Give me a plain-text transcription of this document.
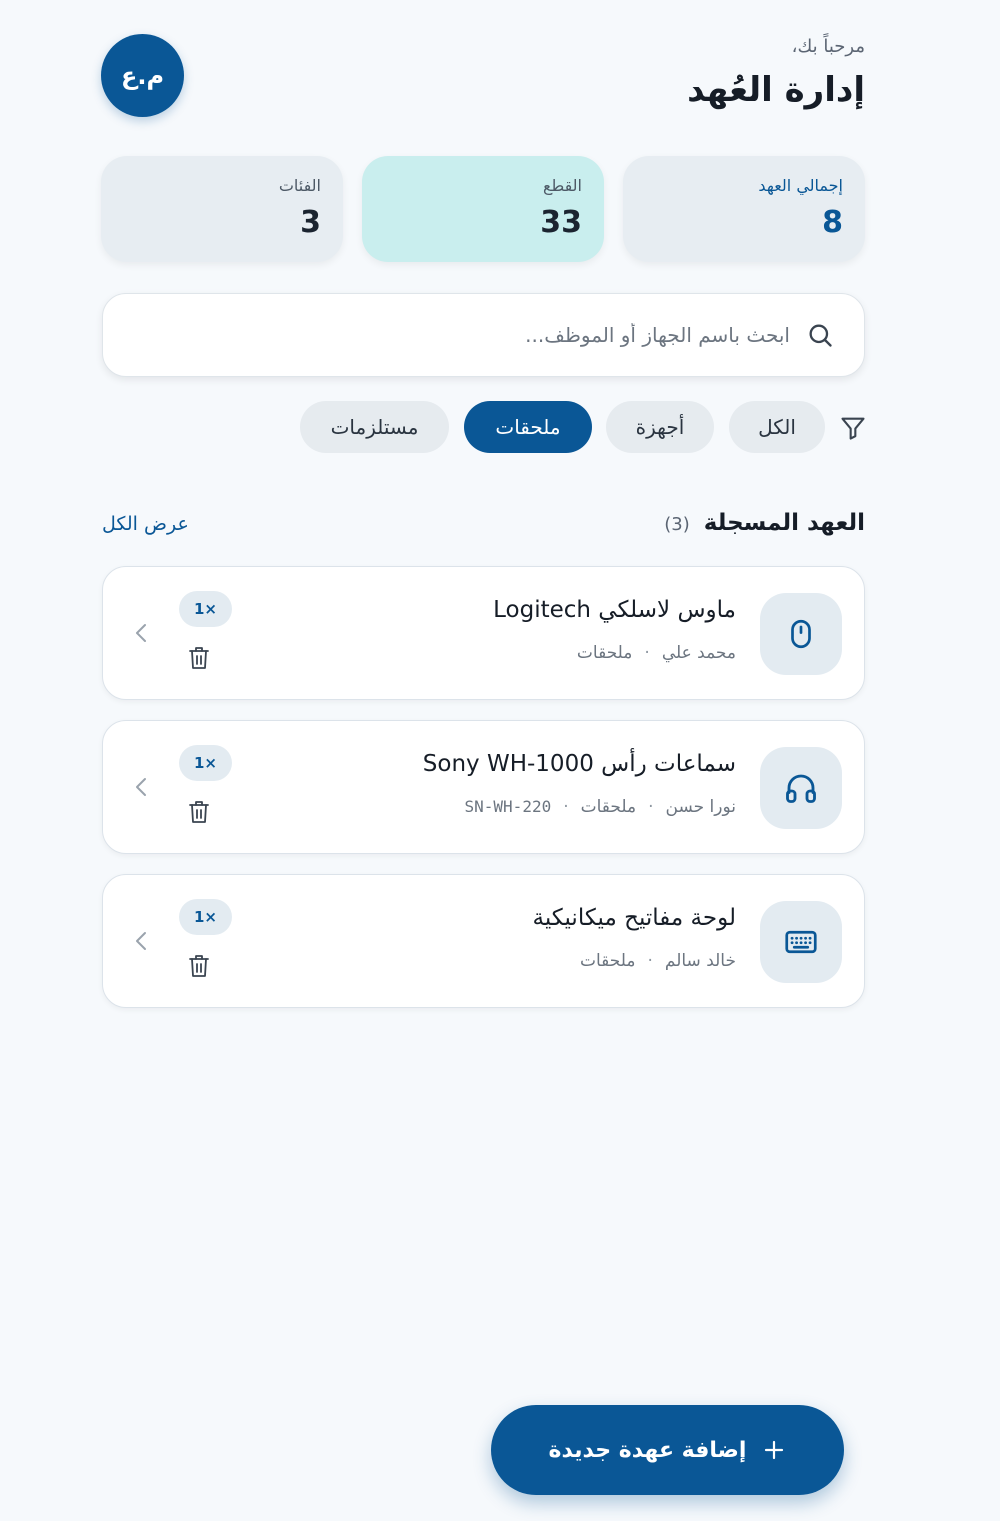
مرحباً بك،
إدارة العُهد
م.ع
إجمالي العهد
8
القطع
33
الفئات
3
ابحث باسم الجهاز أو الموظف...
الكل
أجهزة
ملحقات
مستلزمات
العهد المسجلة
(3)
عرض الكل
ماوس لاسلكي Logitech
محمد علي
·
ملحقات
1×
سماعات رأس Sony WH-1000
نورا حسن
·
ملحقات
·
SN-WH-220
1×
لوحة مفاتيح ميكانيكية
خالد سالم
·
ملحقات
1×
إضافة عهدة جديدة
